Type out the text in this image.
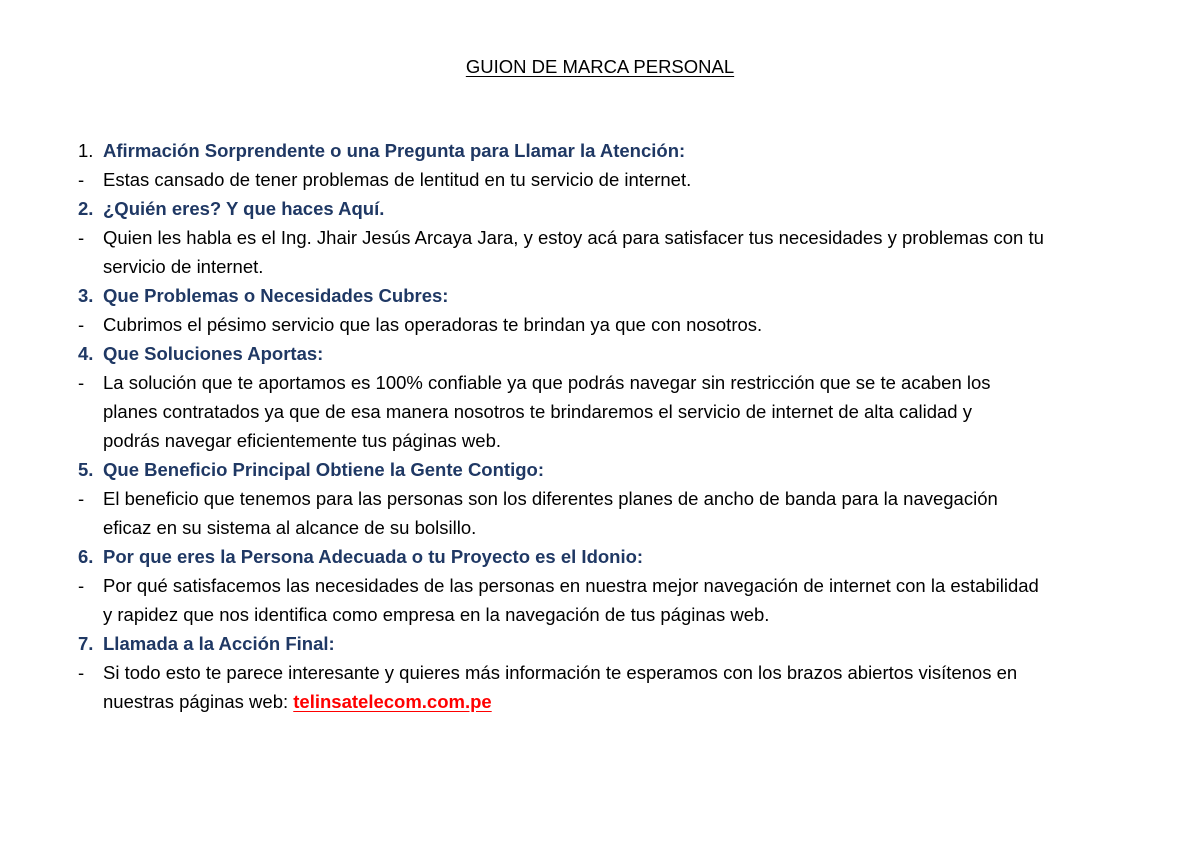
GUION DE MARCA PERSONAL
1. Afirmación Sorprendente o una Pregunta para Llamar la Atención:
- Estas cansado de tener problemas de lentitud en tu servicio de internet.
2. ¿Quién eres? Y que haces Aquí.
- Quien les habla es el Ing. Jhair Jesús Arcaya Jara, y estoy acá para satisfacer tus necesidades y problemas con tu
servicio de internet.
3. Que Problemas o Necesidades Cubres:
- Cubrimos el pésimo servicio que las operadoras te brindan ya que con nosotros.
4. Que Soluciones Aportas:
- La solución que te aportamos es 100% confiable ya que podrás navegar sin restricción que se te acaben los
planes contratados ya que de esa manera nosotros te brindaremos el servicio de internet de alta calidad y
podrás navegar eficientemente tus páginas web.
5. Que Beneficio Principal Obtiene la Gente Contigo:
- El beneficio que tenemos para las personas son los diferentes planes de ancho de banda para la navegación
eficaz en su sistema al alcance de su bolsillo.
6. Por que eres la Persona Adecuada o tu Proyecto es el Idonio:
- Por qué satisfacemos las necesidades de las personas en nuestra mejor navegación de internet con la estabilidad
y rapidez que nos identifica como empresa en la navegación de tus páginas web.
7. Llamada a la Acción Final:
- Si todo esto te parece interesante y quieres más información te esperamos con los brazos abiertos visítenos en
nuestras páginas web: telinsatelecom.com.pe
